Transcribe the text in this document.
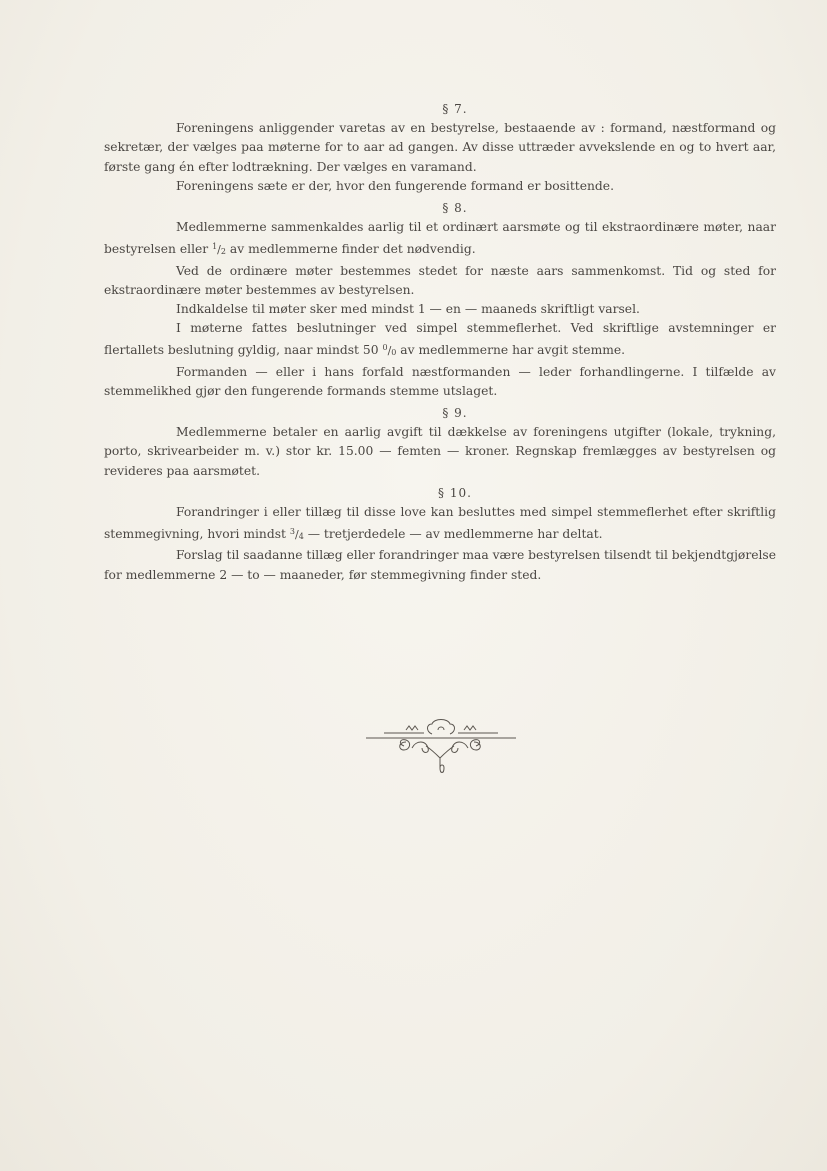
§ 7.

Foreningens anliggender varetas av en bestyrelse, bestaaende av : formand, næstformand og sekretær, der vælges paa møterne for to aar ad gangen. Av disse uttræder avvekslende en og to hvert aar, første gang én efter lodtrækning. Der vælges en varamand.

Foreningens sæte er der, hvor den fungerende formand er bosittende.

§ 8.

Medlemmerne sammenkaldes aarlig til et ordinært aarsmøte og til ekstraordinære møter, naar bestyrelsen eller $^1/_2$ av medlemmerne finder det nødvendig.

Ved de ordinære møter bestemmes stedet for næste aars sammenkomst. Tid og sted for ekstraordinære møter bestemmes av bestyrelsen.

Indkaldelse til møter sker med mindst 1 — en — maaneds skriftligt varsel.

I møterne fattes beslutninger ved simpel stemmeflerhet. Ved skriftlige avstemninger er flertallets beslutning gyldig, naar mindst 50 $^0/_0$ av medlemmerne har avgit stemme.

Formanden — eller i hans forfald næstformanden — leder forhandlingerne. I tilfælde av stemmelikhed gjør den fungerende formands stemme utslaget.

§ 9.

Medlemmerne betaler en aarlig avgift til dækkelse av foreningens utgifter (lokale, trykning, porto, skrivearbeider m. v.) stor kr. 15.00 — femten — kroner. Regnskap fremlægges av bestyrelsen og revideres paa aarsmøtet.

§ 10.

Forandringer i eller tillæg til disse love kan besluttes med simpel stemmeflerhet efter skriftlig stemmegivning, hvori mindst $^3/_4$ — tretjerdedele — av medlemmerne har deltat.

Forslag til saadanne tillæg eller forandringer maa være bestyrelsen tilsendt til bekjendtgjørelse for medlemmerne 2 — to — maaneder, før stemmegivning finder sted.
